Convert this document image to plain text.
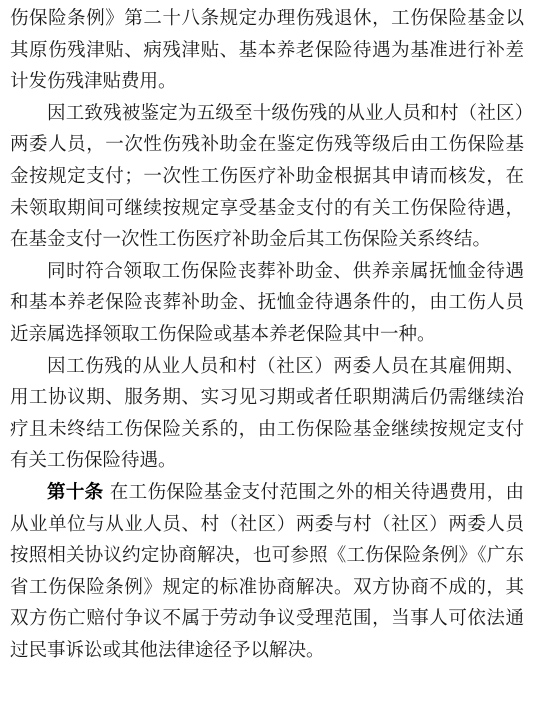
伤保险条例》第二十八条规定办理伤残退休，工伤保险基金以其原伤残津贴、病残津贴、基本养老保险待遇为基准进行补差计发伤残津贴费用。

因工致残被鉴定为五级至十级伤残的从业人员和村（社区）两委人员，一次性伤残补助金在鉴定伤残等级后由工伤保险基金按规定支付；一次性工伤医疗补助金根据其申请而核发，在未领取期间可继续按规定享受基金支付的有关工伤保险待遇，在基金支付一次性工伤医疗补助金后其工伤保险关系终结。

同时符合领取工伤保险丧葬补助金、供养亲属抚恤金待遇和基本养老保险丧葬补助金、抚恤金待遇条件的，由工伤人员近亲属选择领取工伤保险或基本养老保险其中一种。

因工伤残的从业人员和村（社区）两委人员在其雇佣期、用工协议期、服务期、实习见习期或者任职期满后仍需继续治疗且未终结工伤保险关系的，由工伤保险基金继续按规定支付有关工伤保险待遇。

第十条 在工伤保险基金支付范围之外的相关待遇费用，由从业单位与从业人员、村（社区）两委与村（社区）两委人员按照相关协议约定协商解决，也可参照《工伤保险条例》《广东省工伤保险条例》规定的标准协商解决。双方协商不成的，其双方伤亡赔付争议不属于劳动争议受理范围，当事人可依法通过民事诉讼或其他法律途径予以解决。
